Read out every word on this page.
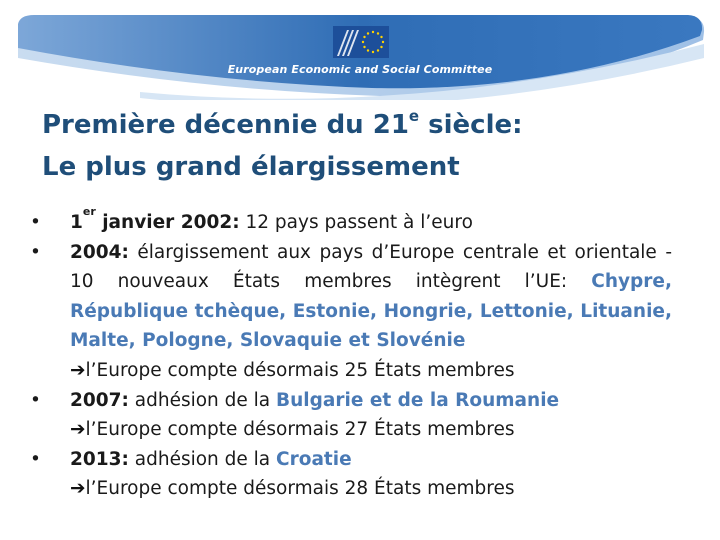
European Economic and Social Committee
Première décennie du 21e siècle:
Le plus grand élargissement
• 1er janvier 2002: 12 pays passent à l’euro
• 2004: élargissement aux pays d’Europe centrale et orientale - 10 nouveaux États membres intègrent l’UE: Chypre, République tchèque, Estonie, Hongrie, Lettonie, Lituanie, Malte, Pologne, Slovaquie et Slovénie
➔l’Europe compte désormais 25 États membres
• 2007: adhésion de la Bulgarie et de la Roumanie
➔l’Europe compte désormais 27 États membres
• 2013: adhésion de la Croatie
➔l’Europe compte désormais 28 États membres
